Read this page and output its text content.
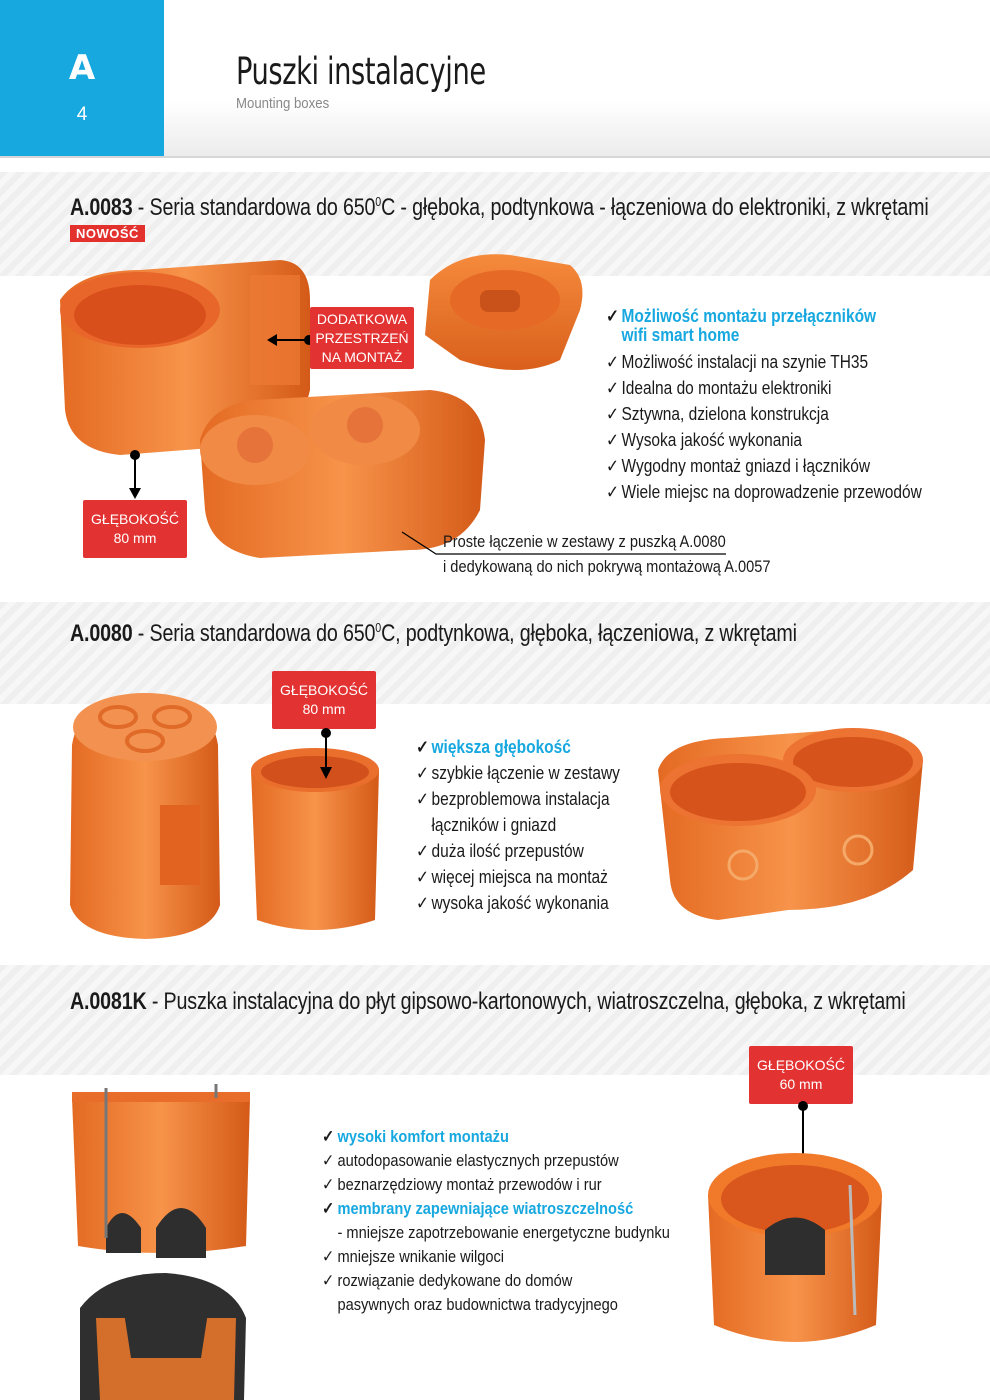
A
4
Puszki instalacyjne
Mounting boxes
A.0083 - Seria standardowa do $650^0C$ - głęboka, podtynkowa - łączeniowa do elektroniki, z wkrętami
NOWOŚĆ
DODATKOWA
PRZESTRZEŃ
NA MONTAŻ
GŁĘBOKOŚĆ
80 mm	Proste łączenie w zestawy z puszką A.0080
i dedykowaną do nich pokrywą montażową A.0057
✓ Możliwość montażu przełączników
wifi smart home
✓ Możliwość instalacji na szynie TH35
✓ Idealna do montażu elektroniki
✓ Sztywna, dzielona konstrukcja
✓ Wysoka jakość wykonania
✓ Wygodny montaż gniazd i łączników
✓ Wiele miejsc na doprowadzenie przewodów
A.0080 - Seria standardowa do $650^0C$, podtynkowa, głęboka, łączeniowa, z wkrętami
GŁĘBOKOŚĆ
80 mm
✓ większa głębokość
✓ szybkie łączenie w zestawy
✓ bezproblemowa instalacja
łączników i gniazd
✓ duża ilość przepustów
✓ więcej miejsca na montaż
✓ wysoka jakość wykonania
A.0081K - Puszka instalacyjna do płyt gipsowo-kartonowych, wiatroszczelna, głęboka, z wkrętami
✓ wysoki komfort montażu
✓ autodopasowanie elastycznych przepustów
✓ beznarzędziowy montaż przewodów i rur
✓ membrany zapewniające wiatroszczelność
- mniejsze zapotrzebowanie energetyczne budynku
✓ mniejsze wnikanie wilgoci
✓ rozwiązanie dedykowane do domów
pasywnych oraz budownictwa tradycyjnego
GŁĘBOKOŚĆ
60 mm
